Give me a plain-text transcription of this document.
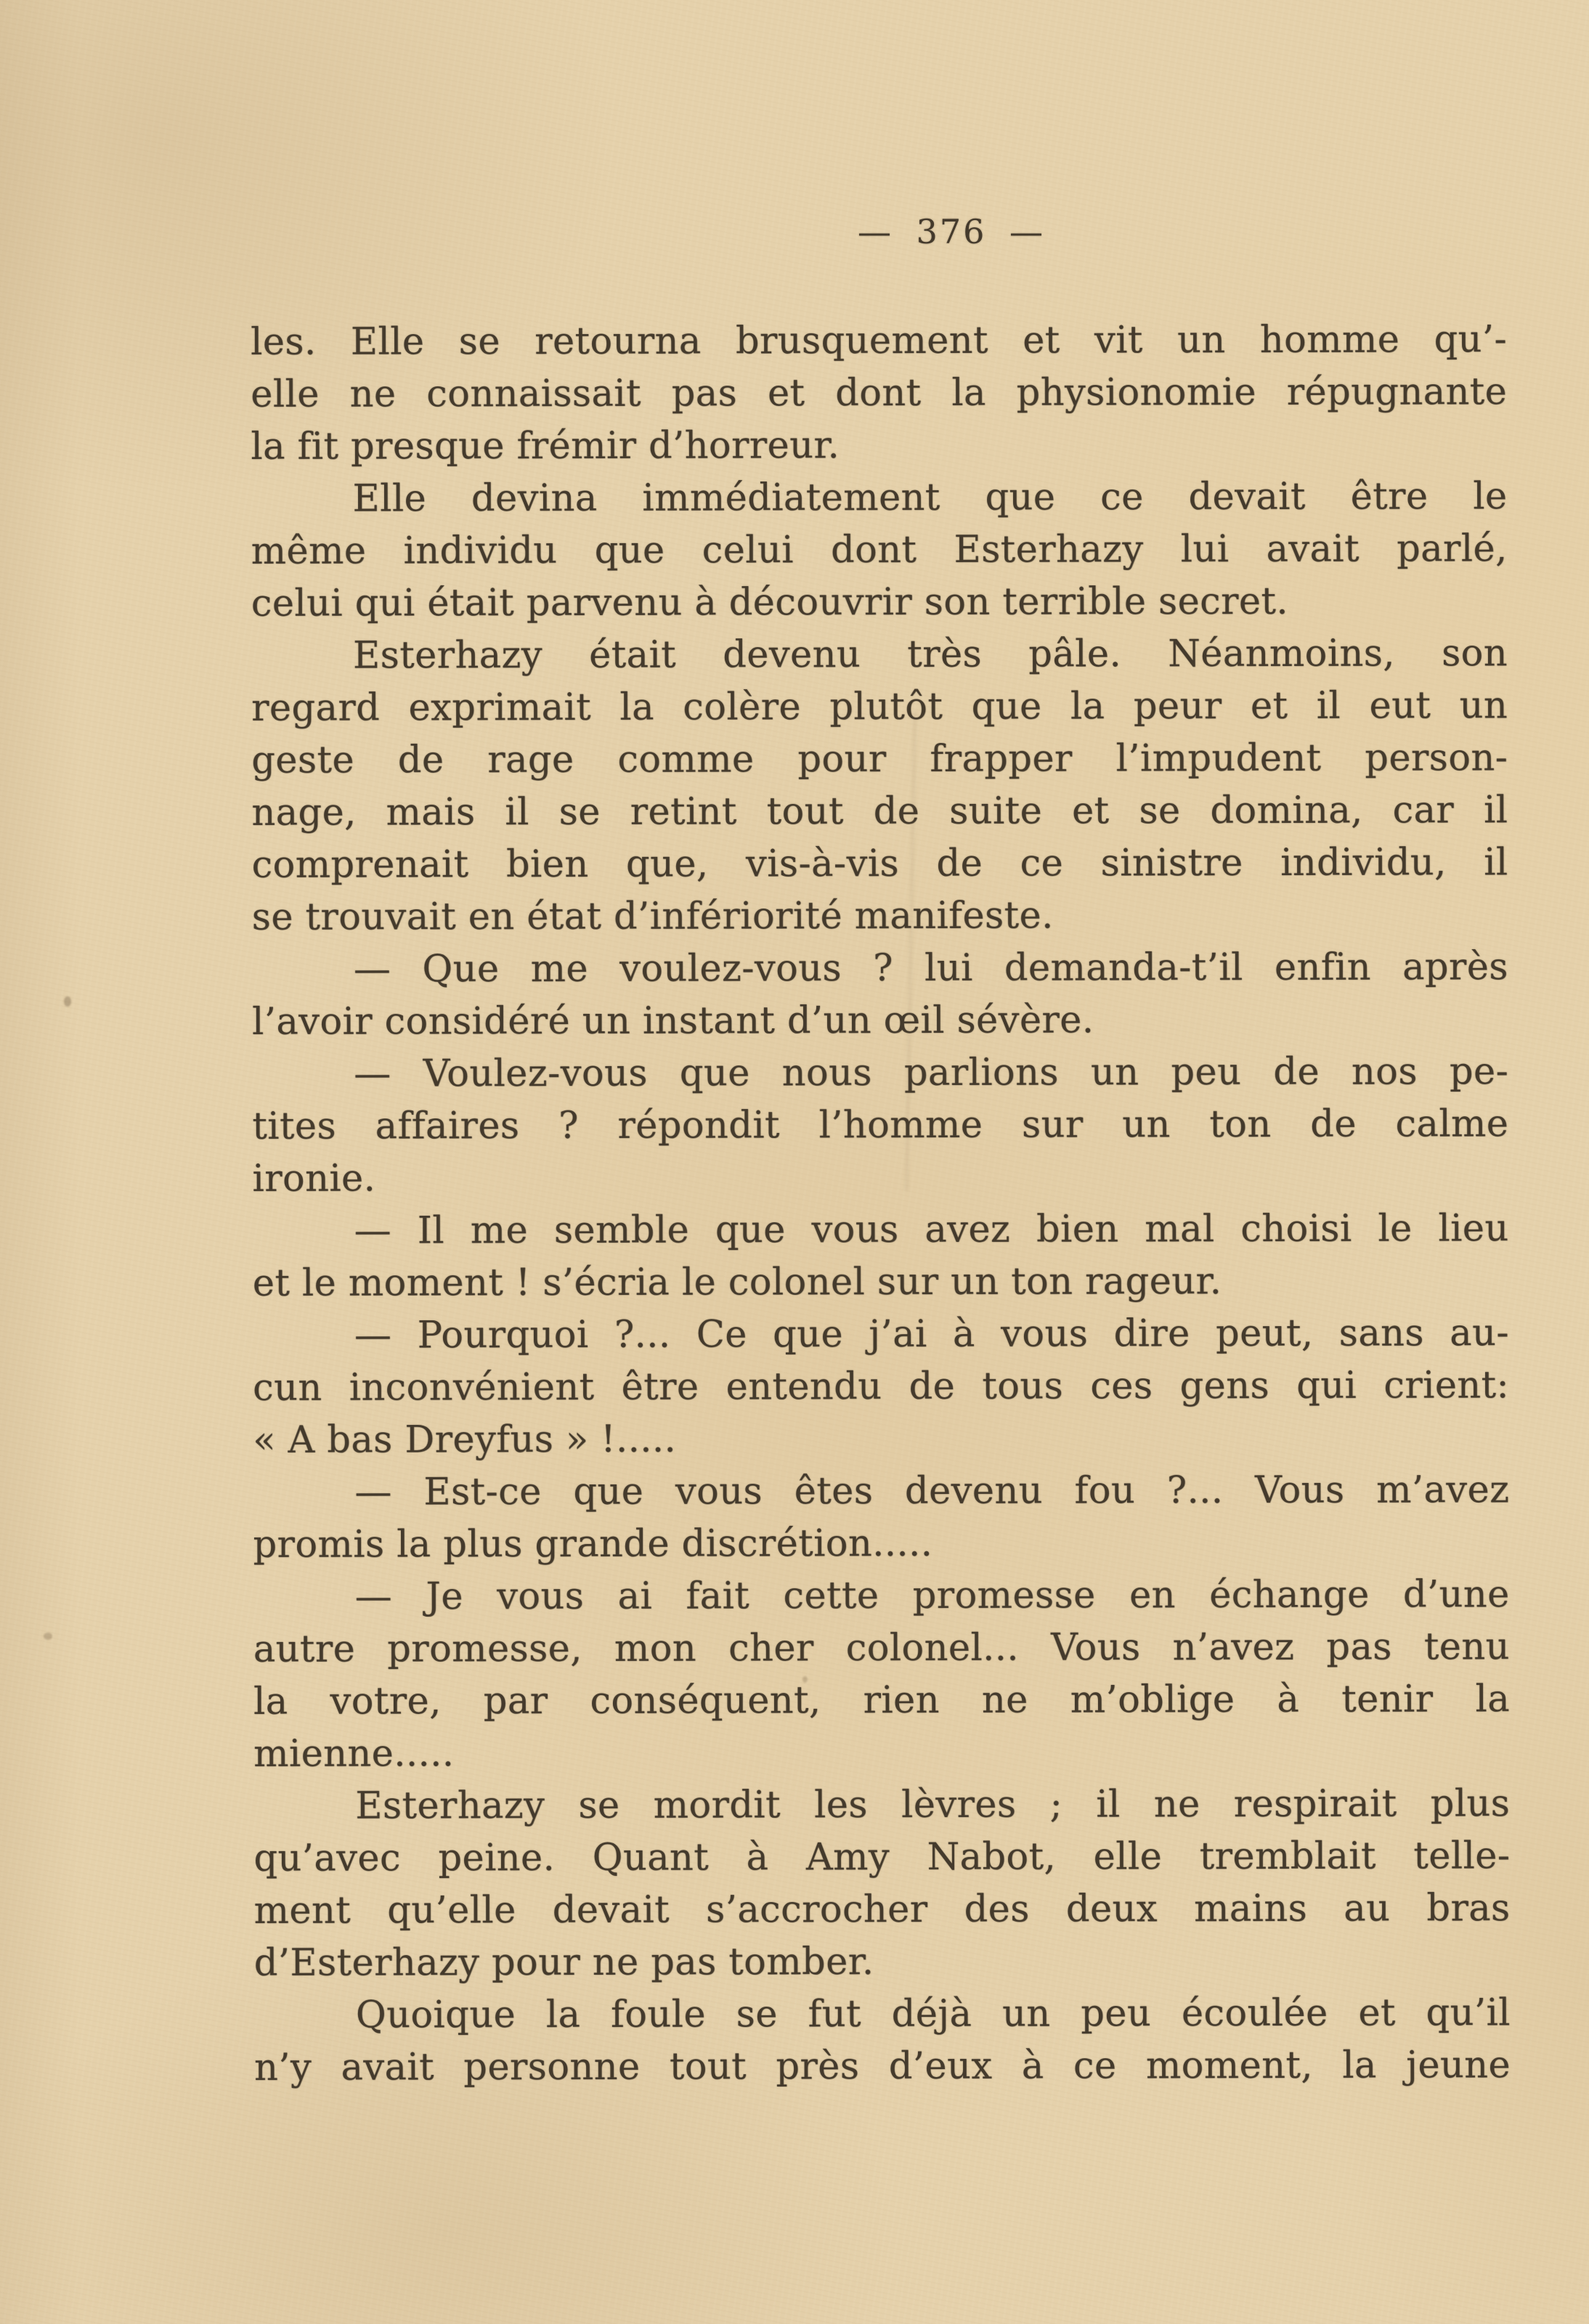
— 376 —
les. Elle se retourna brusquement et vit un homme qu’-
elle ne connaissait pas et dont la physionomie répugnante
la fit presque frémir d’horreur.
Elle devina immédiatement que ce devait être le
même individu que celui dont Esterhazy lui avait parlé,
celui qui était parvenu à découvrir son terrible secret.
Esterhazy était devenu très pâle. Néanmoins, son
regard exprimait la colère plutôt que la peur et il eut un
geste de rage comme pour frapper l’impudent person-
nage, mais il se retint tout de suite et se domina, car il
comprenait bien que, vis-à-vis de ce sinistre individu, il
se trouvait en état d’infériorité manifeste.
— Que me voulez-vous ? lui demanda-t’il enfin après
l’avoir considéré un instant d’un œil sévère.
— Voulez-vous que nous parlions un peu de nos pe-
tites affaires ? répondit l’homme sur un ton de calme
ironie.
— Il me semble que vous avez bien mal choisi le lieu
et le moment ! s’écria le colonel sur un ton rageur.
— Pourquoi ?... Ce que j’ai à vous dire peut, sans au-
cun inconvénient être entendu de tous ces gens qui crient:
« A bas Dreyfus » !.....
— Est-ce que vous êtes devenu fou ?... Vous m’avez
promis la plus grande discrétion.....
— Je vous ai fait cette promesse en échange d’une
autre promesse, mon cher colonel... Vous n’avez pas tenu
la votre, par conséquent, rien ne m’oblige à tenir la
mienne.....
Esterhazy se mordit les lèvres ; il ne respirait plus
qu’avec peine. Quant à Amy Nabot, elle tremblait telle-
ment qu’elle devait s’accrocher des deux mains au bras
d’Esterhazy pour ne pas tomber.
Quoique la foule se fut déjà un peu écoulée et qu’il
n’y avait personne tout près d’eux à ce moment, la jeune
